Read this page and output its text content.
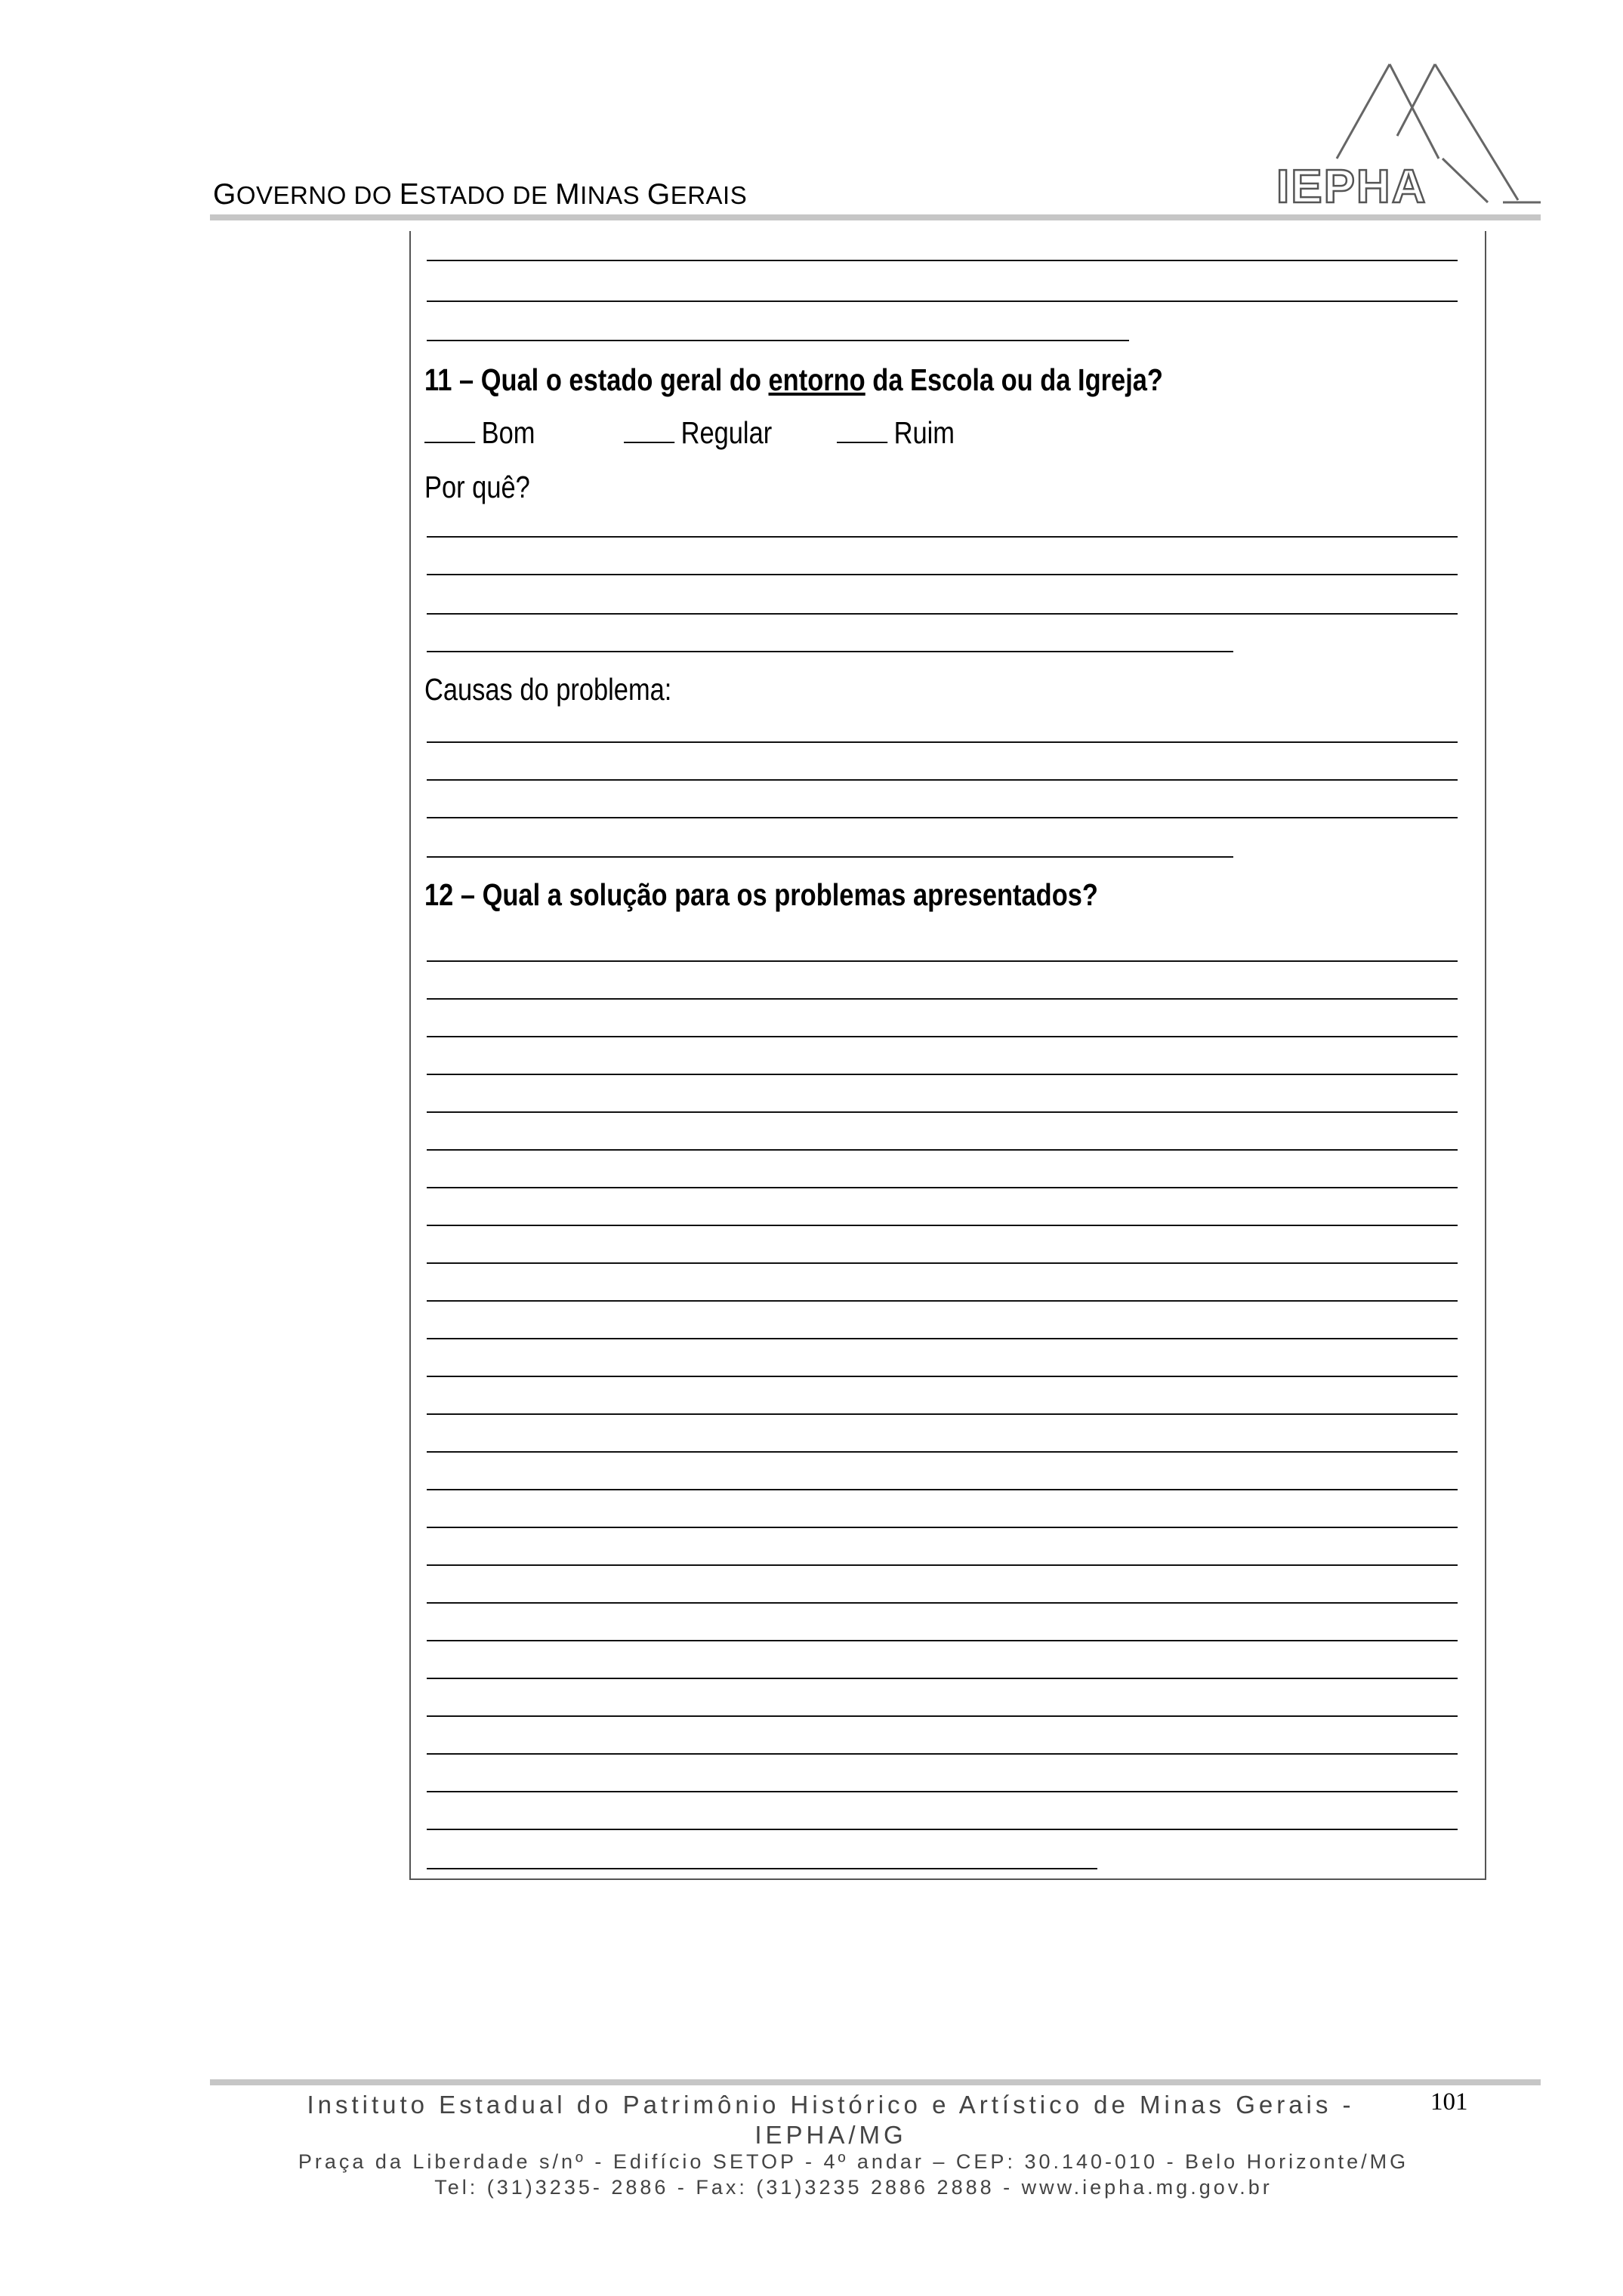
GOVERNO DO ESTADO DE MINAS GERAIS	IEPHA
11 – Qual o estado geral do entorno da Escola ou da Igreja?
Bom	Regular	Ruim
Por quê?
Causas do problema:
12 – Qual a solução para os problemas apresentados?
Instituto Estadual do Patrimônio Histórico e Artístico de Minas Gerais - IEPHA/MG
Praça da Liberdade s/nº - Edifício SETOP - 4º andar – CEP: 30.140-010 - Belo Horizonte/MG
Tel: (31)3235- 2886 - Fax: (31)3235 2886 2888 - www.iepha.mg.gov.br
101
